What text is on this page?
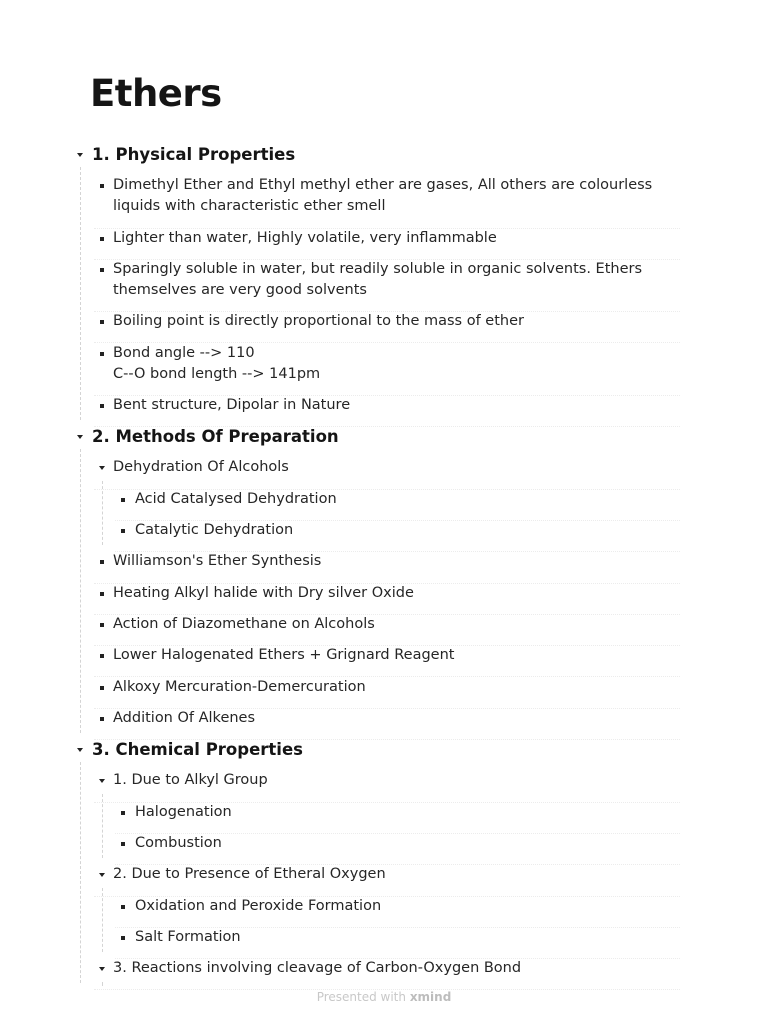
Ethers
1. Physical Properties
Dimethyl Ether and Ethyl methyl ether are gases, All others are colourless liquids with characteristic ether smell
Lighter than water, Highly volatile, very inflammable
Sparingly soluble in water, but readily soluble in organic solvents. Ethers themselves are very good solvents
Boiling point is directly proportional to the mass of ether
Bond angle --> 110
C--O bond length --> 141pm
Bent structure, Dipolar in Nature
2. Methods Of Preparation
Dehydration Of Alcohols
Acid Catalysed Dehydration
Catalytic Dehydration
Williamson's Ether Synthesis
Heating Alkyl halide with Dry silver Oxide
Action of Diazomethane on Alcohols
Lower Halogenated Ethers + Grignard Reagent
Alkoxy Mercuration-Demercuration
Addition Of Alkenes
3. Chemical Properties
1. Due to Alkyl Group
Halogenation
Combustion
2. Due to Presence of Etheral Oxygen
Oxidation and Peroxide Formation
Salt Formation
3. Reactions involving cleavage of Carbon-Oxygen Bond
Presented with xmind
